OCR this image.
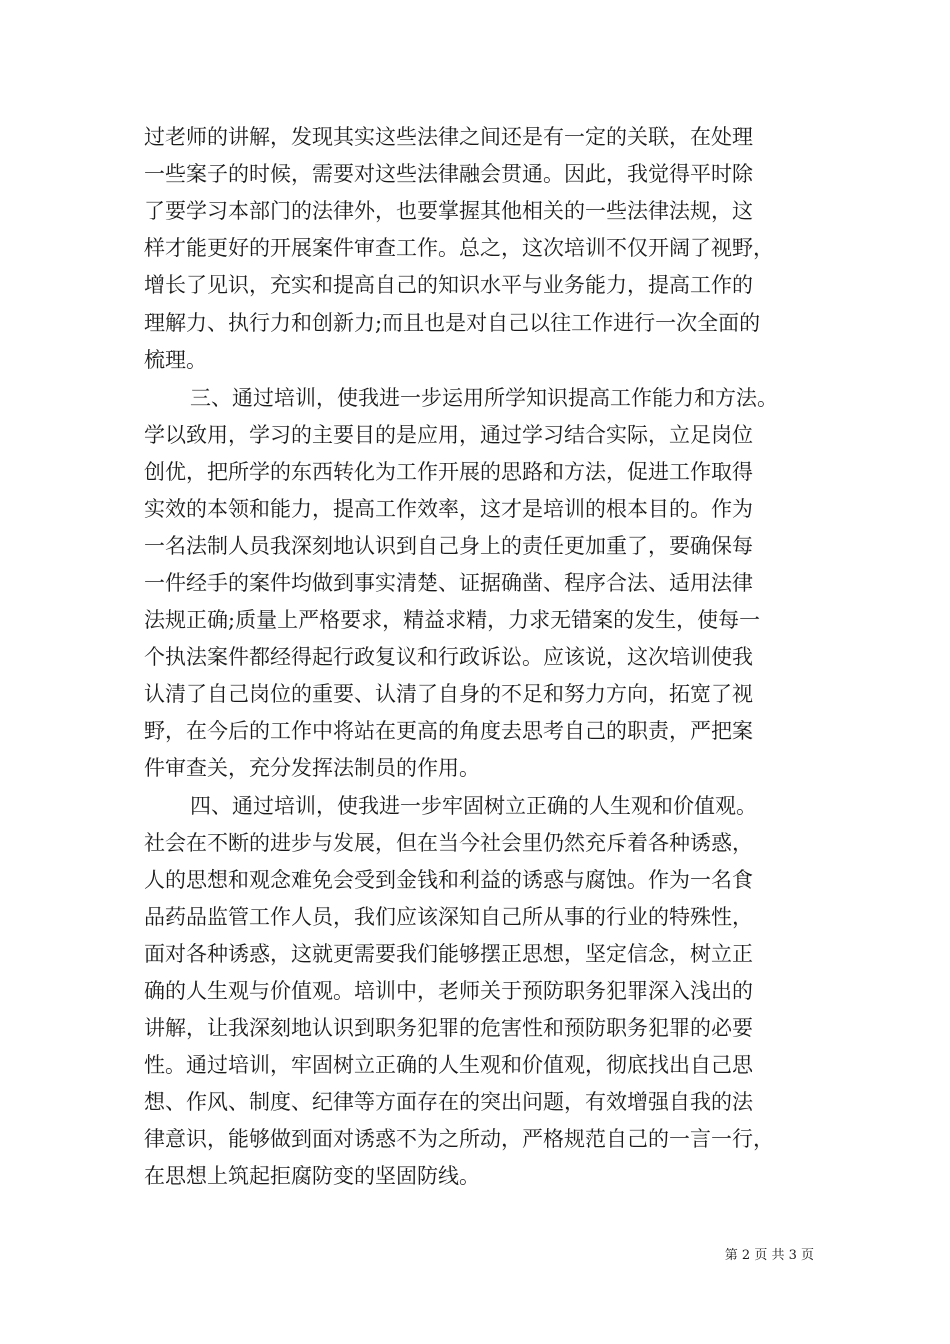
过老师的讲解，发现其实这些法律之间还是有一定的关联，在处理
一些案子的时候，需要对这些法律融会贯通。因此，我觉得平时除
了要学习本部门的法律外，也要掌握其他相关的一些法律法规，这
样才能更好的开展案件审查工作。总之，这次培训不仅开阔了视野，
增长了见识，充实和提高自己的知识水平与业务能力，提高工作的
理解力、执行力和创新力;而且也是对自己以往工作进行一次全面的
梳理。
三、通过培训，使我进一步运用所学知识提高工作能力和方法。
学以致用，学习的主要目的是应用，通过学习结合实际，立足岗位
创优，把所学的东西转化为工作开展的思路和方法，促进工作取得
实效的本领和能力，提高工作效率，这才是培训的根本目的。作为
一名法制人员我深刻地认识到自己身上的责任更加重了，要确保每
一件经手的案件均做到事实清楚、证据确凿、程序合法、适用法律
法规正确;质量上严格要求，精益求精，力求无错案的发生，使每一
个执法案件都经得起行政复议和行政诉讼。应该说，这次培训使我
认清了自己岗位的重要、认清了自身的不足和努力方向，拓宽了视
野，在今后的工作中将站在更高的角度去思考自己的职责，严把案
件审查关，充分发挥法制员的作用。
四、通过培训，使我进一步牢固树立正确的人生观和价值观。
社会在不断的进步与发展，但在当今社会里仍然充斥着各种诱惑，
人的思想和观念难免会受到金钱和利益的诱惑与腐蚀。作为一名食
品药品监管工作人员，我们应该深知自己所从事的行业的特殊性，
面对各种诱惑，这就更需要我们能够摆正思想，坚定信念，树立正
确的人生观与价值观。培训中，老师关于预防职务犯罪深入浅出的
讲解，让我深刻地认识到职务犯罪的危害性和预防职务犯罪的必要
性。通过培训，牢固树立正确的人生观和价值观，彻底找出自己思
想、作风、制度、纪律等方面存在的突出问题，有效增强自我的法
律意识，能够做到面对诱惑不为之所动，严格规范自己的一言一行，
在思想上筑起拒腐防变的坚固防线。
第 2 页 共 3 页
